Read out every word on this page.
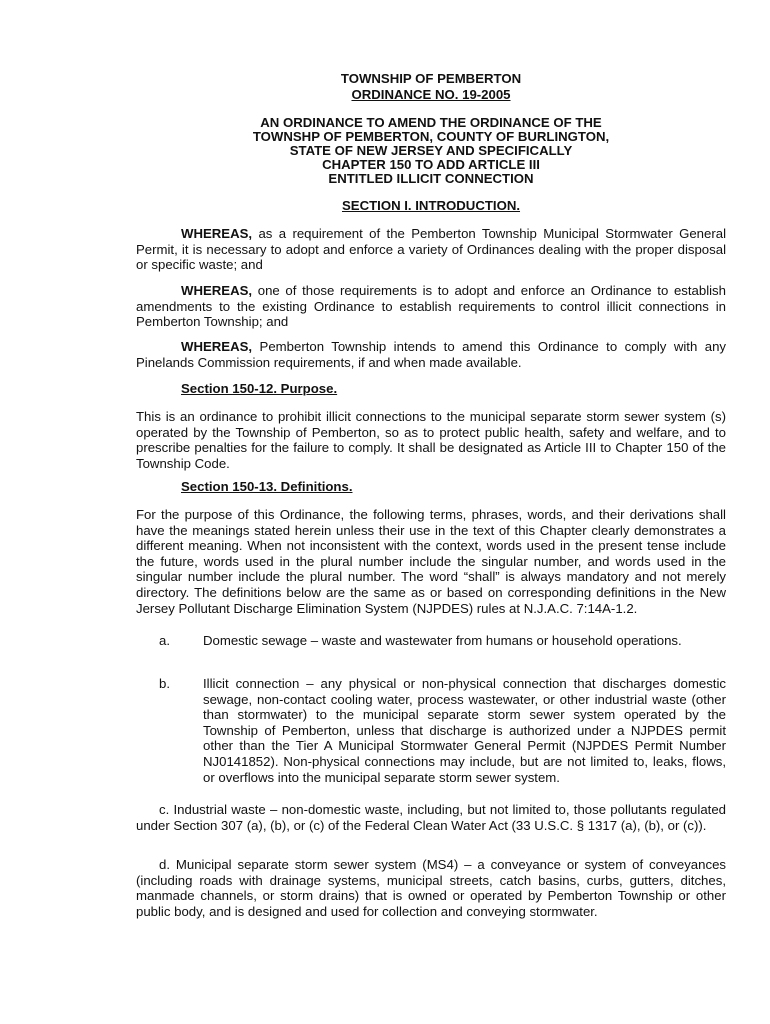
TOWNSHIP OF PEMBERTON
ORDINANCE NO. 19-2005
AN ORDINANCE TO AMEND THE ORDINANCE OF THE
TOWNSHP OF PEMBERTON, COUNTY OF BURLINGTON,
STATE OF NEW JERSEY AND SPECIFICALLY
CHAPTER 150 TO ADD ARTICLE III
ENTITLED ILLICIT CONNECTION
SECTION I. INTRODUCTION.
WHEREAS, as a requirement of the Pemberton Township Municipal Stormwater General Permit, it is necessary to adopt and enforce a variety of Ordinances dealing with the proper disposal or specific waste; and
WHEREAS, one of those requirements is to adopt and enforce an Ordinance to establish amendments to the existing Ordinance to establish requirements to control illicit connections in Pemberton Township; and
WHEREAS, Pemberton Township intends to amend this Ordinance to comply with any Pinelands Commission requirements, if and when made available.
Section 150-12. Purpose.
This is an ordinance to prohibit illicit connections to the municipal separate storm sewer system (s) operated by the Township of Pemberton, so as to protect public health, safety and welfare, and to prescribe penalties for the failure to comply. It shall be designated as Article III to Chapter 150 of the Township Code.
Section 150-13. Definitions.
For the purpose of this Ordinance, the following terms, phrases, words, and their derivations shall have the meanings stated herein unless their use in the text of this Chapter clearly demonstrates a different meaning. When not inconsistent with the context, words used in the present tense include the future, words used in the plural number include the singular number, and words used in the singular number include the plural number. The word “shall” is always mandatory and not merely directory. The definitions below are the same as or based on corresponding definitions in the New Jersey Pollutant Discharge Elimination System (NJPDES) rules at N.J.A.C. 7:14A-1.2.
a.	Domestic sewage – waste and wastewater from humans or household operations.
b.	Illicit connection – any physical or non-physical connection that discharges domestic sewage, non-contact cooling water, process wastewater, or other industrial waste (other than stormwater) to the municipal separate storm sewer system operated by the Township of Pemberton, unless that discharge is authorized under a NJPDES permit other than the Tier A Municipal Stormwater General Permit (NJPDES Permit Number NJ0141852). Non-physical connections may include, but are not limited to, leaks, flows, or overflows into the municipal separate storm sewer system.
c. Industrial waste – non-domestic waste, including, but not limited to, those pollutants regulated under Section 307 (a), (b), or (c) of the Federal Clean Water Act (33 U.S.C. § 1317 (a), (b), or (c)).
d. Municipal separate storm sewer system (MS4) – a conveyance or system of conveyances (including roads with drainage systems, municipal streets, catch basins, curbs, gutters, ditches, manmade channels, or storm drains) that is owned or operated by Pemberton Township or other public body, and is designed and used for collection and conveying stormwater.
